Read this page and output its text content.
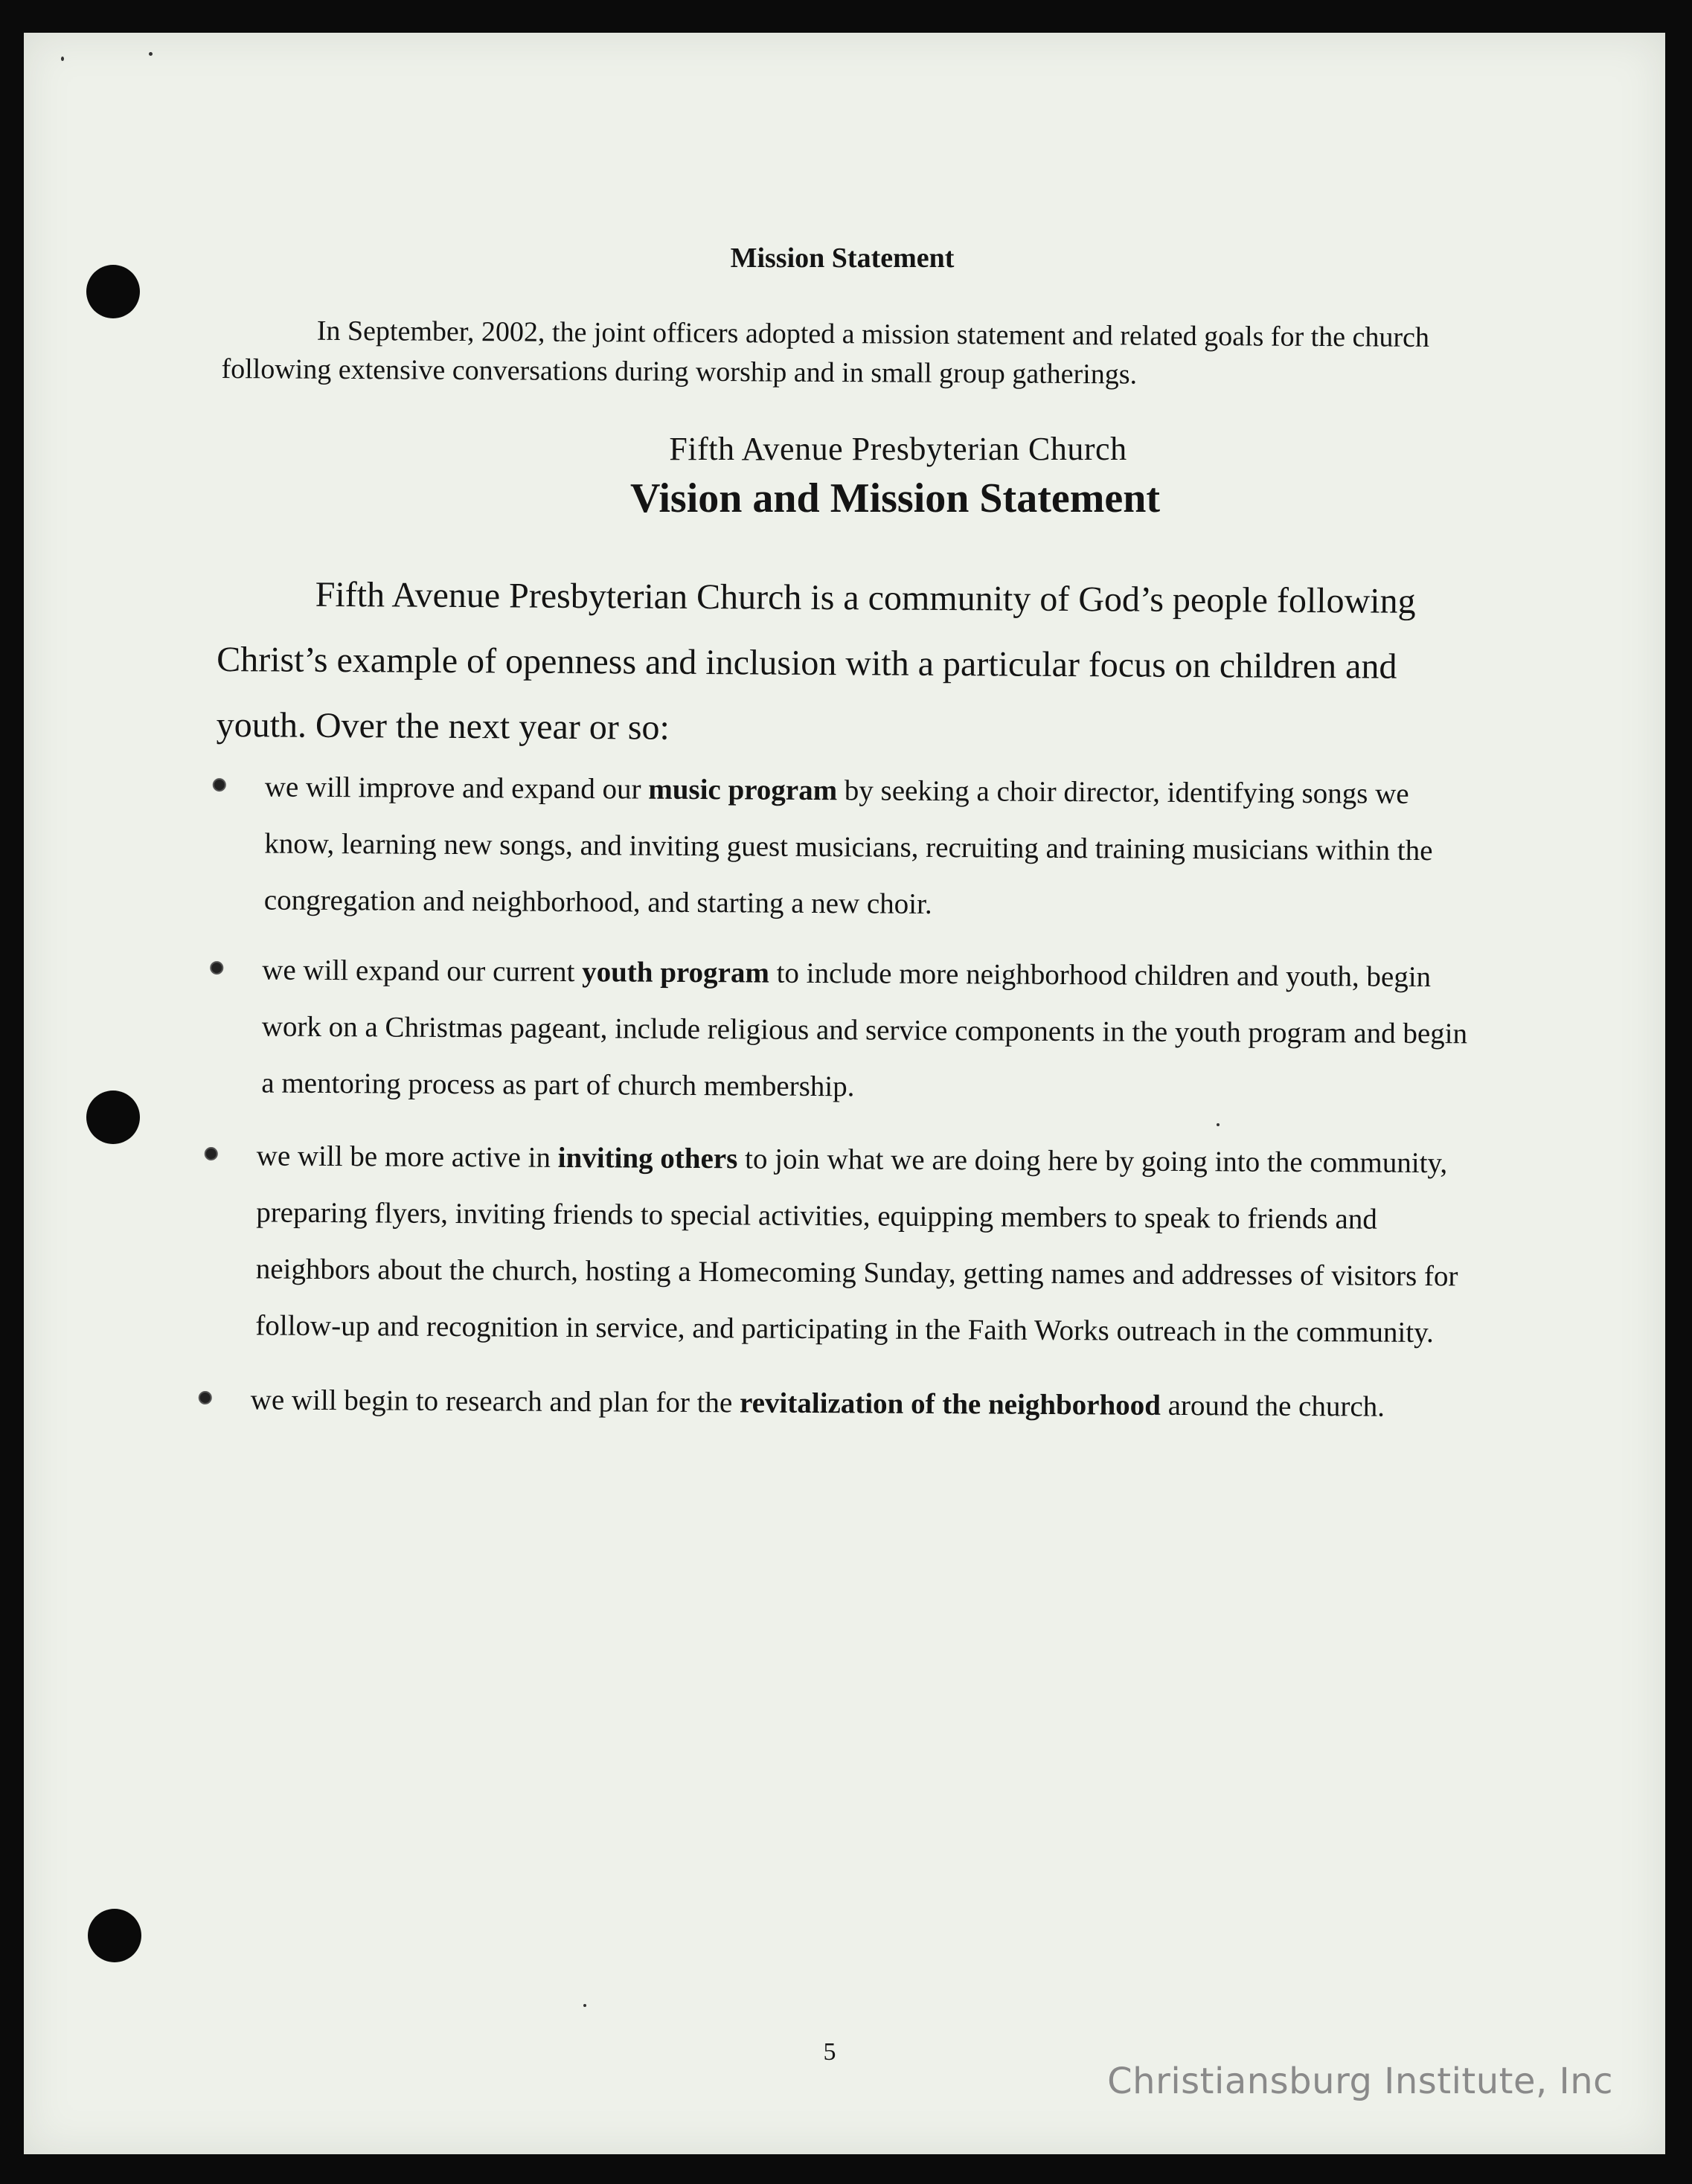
Mission Statement
In September, 2002, the joint officers adopted a mission statement and related goals for the church following extensive conversations during worship and in small group gatherings.
Fifth Avenue Presbyterian Church
Vision and Mission Statement
Fifth Avenue Presbyterian Church is a community of God’s people following Christ’s example of openness and inclusion with a particular focus on children and youth. Over the next year or so:
we will improve and expand our music program by seeking a choir director, identifying songs we know, learning new songs, and inviting guest musicians, recruiting and training musicians within the congregation and neighborhood, and starting a new choir.
we will expand our current youth program to include more neighborhood children and youth, begin work on a Christmas pageant, include religious and service components in the youth program and begin a mentoring process as part of church membership.
we will be more active in inviting others to join what we are doing here by going into the community, preparing flyers, inviting friends to special activities, equipping members to speak to friends and neighbors about the church, hosting a Homecoming Sunday, getting names and addresses of visitors for follow-up and recognition in service, and participating in the Faith Works outreach in the community.
we will begin to research and plan for the revitalization of the neighborhood around the church.
5
Christiansburg Institute, Inc
